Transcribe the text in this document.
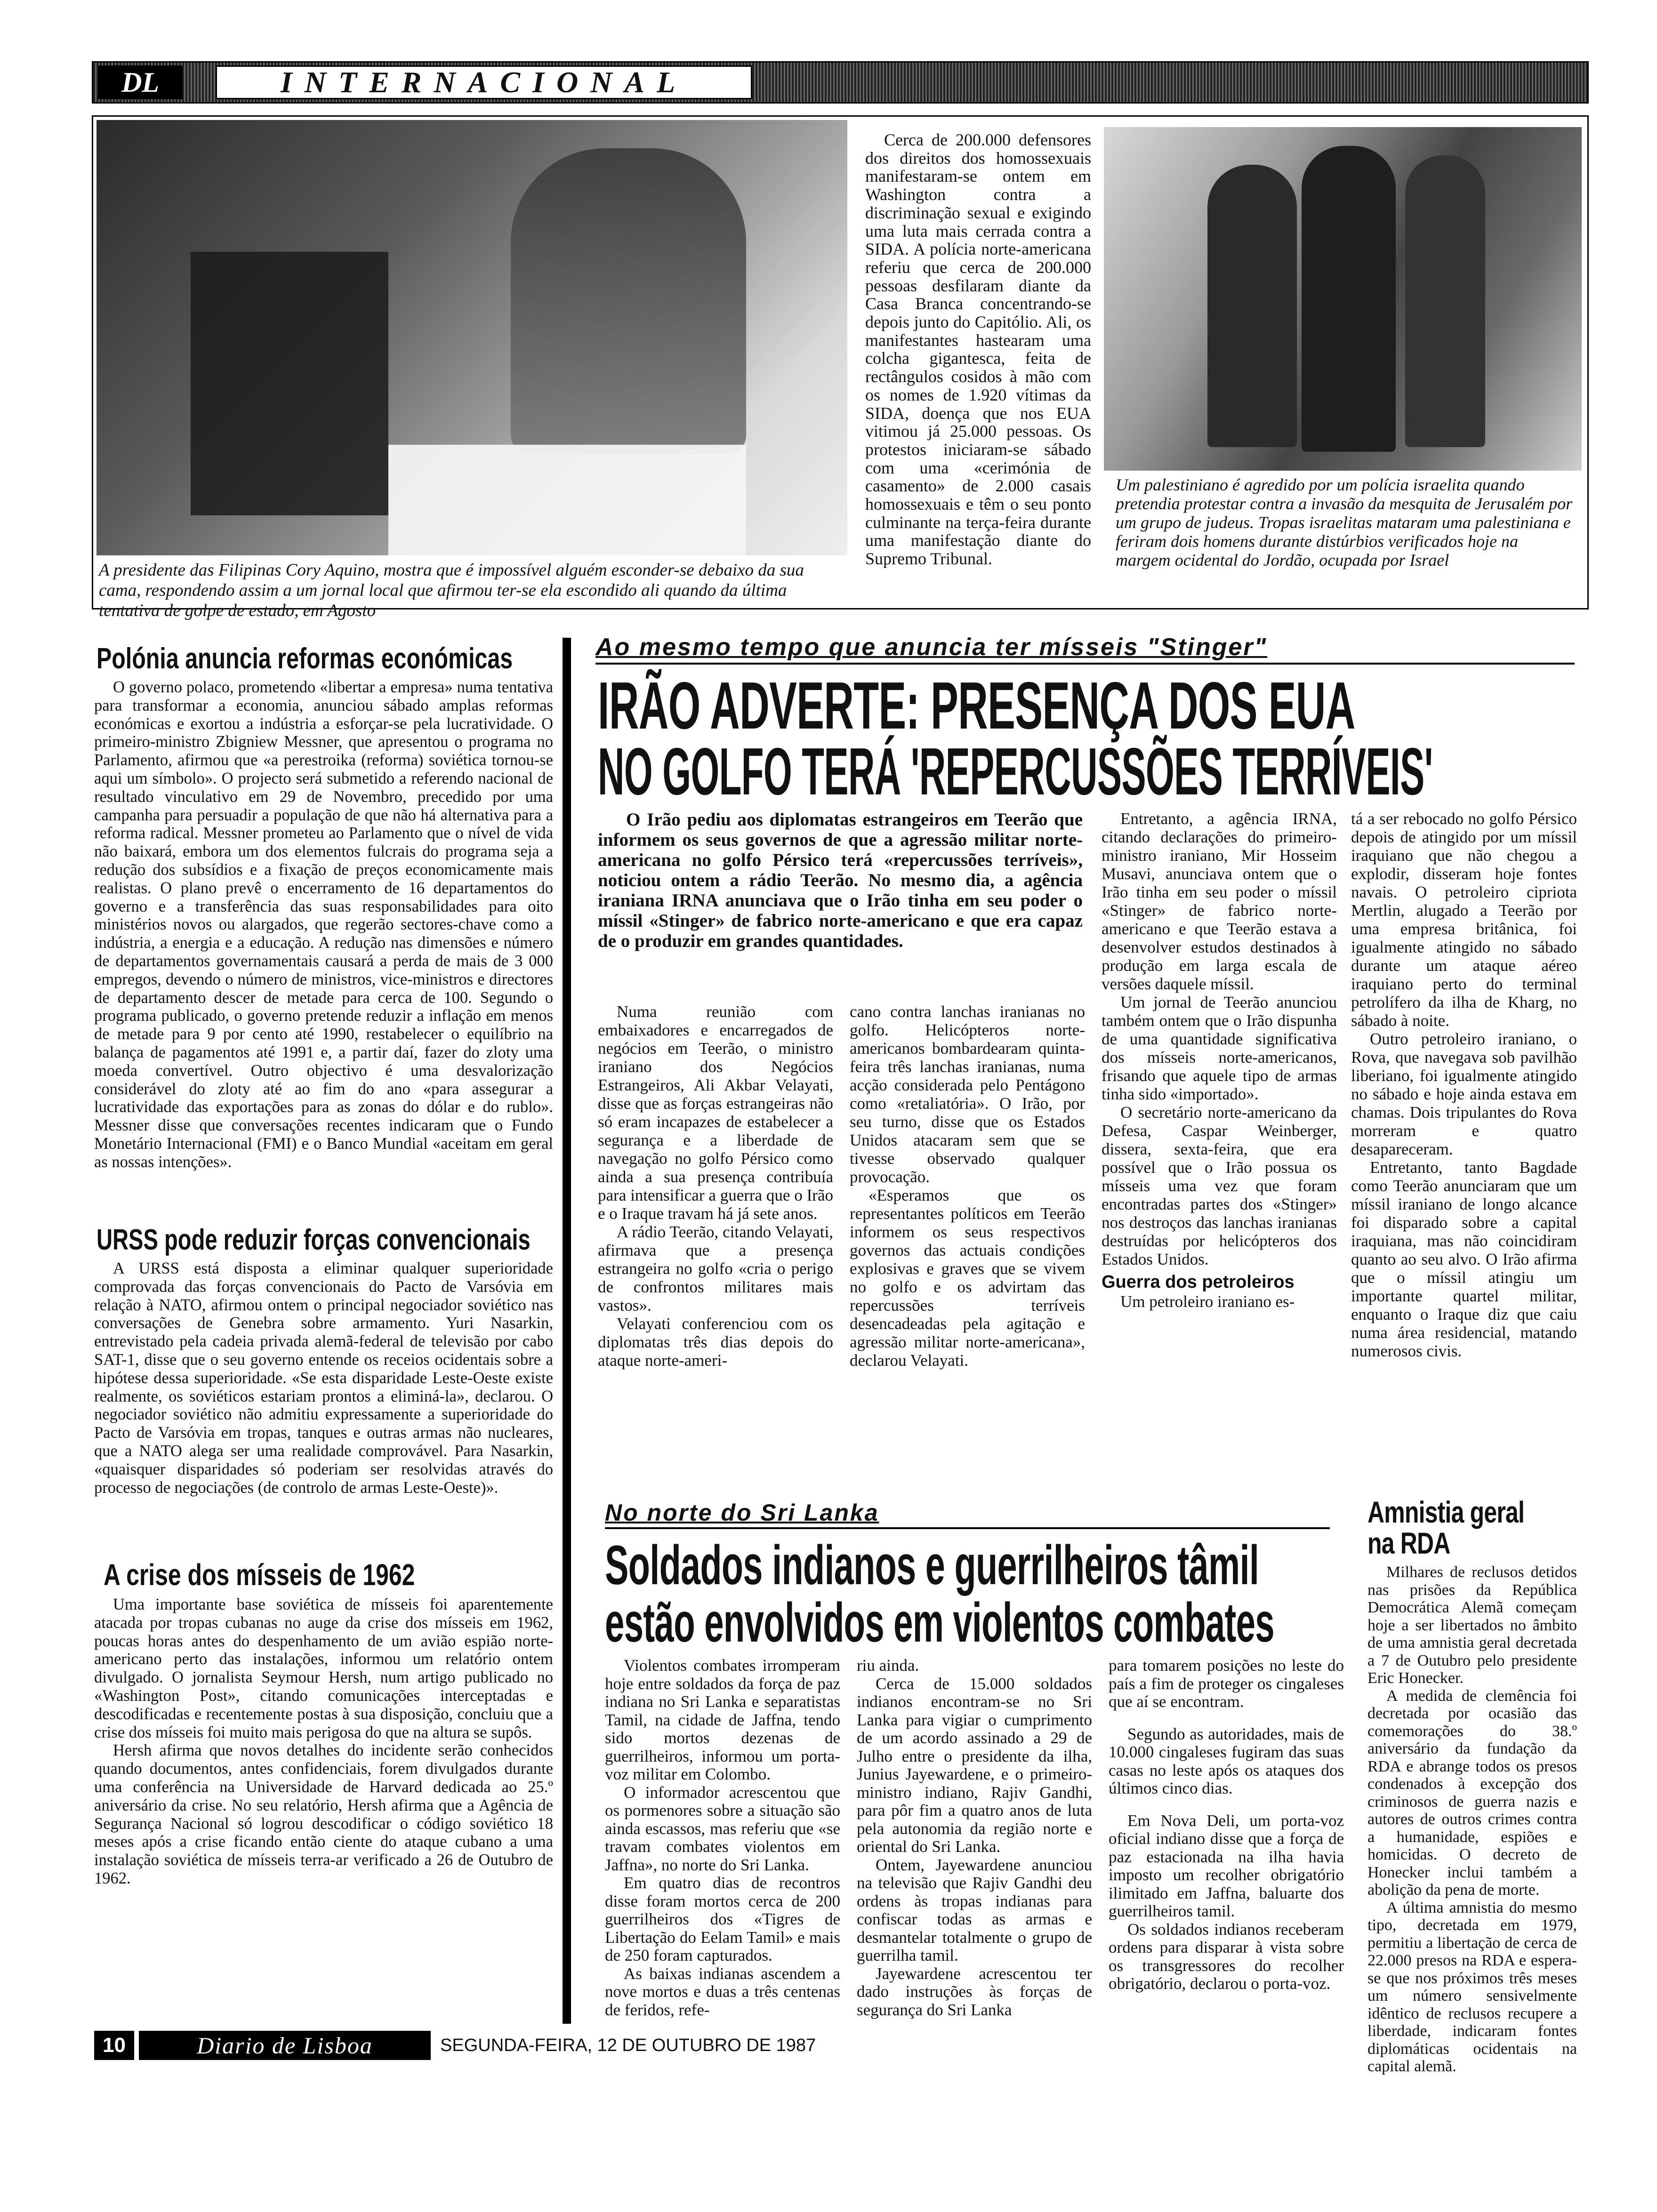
DL	INTERNACIONAL

A presidente das Filipinas Cory Aquino, mostra que é impossível alguém esconder-se debaixo da sua cama, respondendo assim a um jornal local que afirmou ter-se ela escondido ali quando da última tentativa de golpe de estado, em Agosto

Cerca de 200.000 defensores dos direitos dos homossexuais manifestaram-se ontem em Washington contra a discriminação sexual e exigindo uma luta mais cerrada contra a SIDA. A polícia norte-americana referiu que cerca de 200.000 pessoas desfilaram diante da Casa Branca concentrando-se depois junto do Capitólio. Ali, os manifestantes hastearam uma colcha gigantesca, feita de rectângulos cosidos à mão com os nomes de 1.920 vítimas da SIDA, doença que nos EUA vitimou já 25.000 pessoas. Os protestos iniciaram-se sábado com uma «cerimónia de casamento» de 2.000 casais homossexuais e têm o seu ponto culminante na terça-feira durante uma manifestação diante do Supremo Tribunal.

Um palestiniano é agredido por um polícia israelita quando pretendia protestar contra a invasão da mesquita de Jerusalém por um grupo de judeus. Tropas israelitas mataram uma palestiniana e feriram dois homens durante distúrbios verificados hoje na margem ocidental do Jordão, ocupada por Israel

Polónia anuncia reformas económicas

O governo polaco, prometendo «libertar a empresa» numa tentativa para transformar a economia, anunciou sábado amplas reformas económicas e exortou a indústria a esforçar-se pela lucratividade. O primeiro-ministro Zbigniew Messner, que apresentou o programa no Parlamento, afirmou que «a perestroika (reforma) soviética tornou-se aqui um símbolo». O projecto será submetido a referendo nacional de resultado vinculativo em 29 de Novembro, precedido por uma campanha para persuadir a população de que não há alternativa para a reforma radical. Messner prometeu ao Parlamento que o nível de vida não baixará, embora um dos elementos fulcrais do programa seja a redução dos subsídios e a fixação de preços economicamente mais realistas. O plano prevê o encerramento de 16 departamentos do governo e a transferência das suas responsabilidades para oito ministérios novos ou alargados, que regerão sectores-chave como a indústria, a energia e a educação. A redução nas dimensões e número de departamentos governamentais causará a perda de mais de 3 000 empregos, devendo o número de ministros, vice-ministros e directores de departamento descer de metade para cerca de 100. Segundo o programa publicado, o governo pretende reduzir a inflação em menos de metade para 9 por cento até 1990, restabelecer o equilíbrio na balança de pagamentos até 1991 e, a partir daí, fazer do zloty uma moeda convertível. Outro objectivo é uma desvalorização considerável do zloty até ao fim do ano «para assegurar a lucratividade das exportações para as zonas do dólar e do rublo». Messner disse que conversações recentes indicaram que o Fundo Monetário Internacional (FMI) e o Banco Mundial «aceitam em geral as nossas intenções».

URSS pode reduzir forças convencionais

A URSS está disposta a eliminar qualquer superioridade comprovada das forças convencionais do Pacto de Varsóvia em relação à NATO, afirmou ontem o principal negociador soviético nas conversações de Genebra sobre armamento. Yuri Nasarkin, entrevistado pela cadeia privada alemã-federal de televisão por cabo SAT-1, disse que o seu governo entende os receios ocidentais sobre a hipótese dessa superioridade. «Se esta disparidade Leste-Oeste existe realmente, os soviéticos estariam prontos a eliminá-la», declarou. O negociador soviético não admitiu expressamente a superioridade do Pacto de Varsóvia em tropas, tanques e outras armas não nucleares, que a NATO alega ser uma realidade comprovável. Para Nasarkin, «quaisquer disparidades só poderiam ser resolvidas através do processo de negociações (de controlo de armas Leste-Oeste)».

A crise dos mísseis de 1962

Uma importante base soviética de mísseis foi aparentemente atacada por tropas cubanas no auge da crise dos mísseis em 1962, poucas horas antes do despenhamento de um avião espião norte-americano perto das instalações, informou um relatório ontem divulgado. O jornalista Seymour Hersh, num artigo publicado no «Washington Post», citando comunicações interceptadas e descodificadas e recentemente postas à sua disposição, concluiu que a crise dos mísseis foi muito mais perigosa do que na altura se supôs.

Hersh afirma que novos detalhes do incidente serão conhecidos quando documentos, antes confidenciais, forem divulgados durante uma conferência na Universidade de Harvard dedicada ao 25.º aniversário da crise. No seu relatório, Hersh afirma que a Agência de Segurança Nacional só logrou descodificar o código soviético 18 meses após a crise ficando então ciente do ataque cubano a uma instalação soviética de mísseis terra-ar verificado a 26 de Outubro de 1962.

Ao mesmo tempo que anuncia ter mísseis "Stinger"
IRÃO ADVERTE: PRESENÇA DOS EUA
NO GOLFO TERÁ 'REPERCUSSÕES TERRÍVEIS'

O Irão pediu aos diplomatas estrangeiros em Teerão que informem os seus governos de que a agressão militar norte-americana no golfo Pérsico terá «repercussões terríveis», noticiou ontem a rádio Teerão. No mesmo dia, a agência iraniana IRNA anunciava que o Irão tinha em seu poder o míssil «Stinger» de fabrico norte-americano e que era capaz de o produzir em grandes quantidades.

Numa reunião com embaixadores e encarregados de negócios em Teerão, o ministro iraniano dos Negócios Estrangeiros, Ali Akbar Velayati, disse que as forças estrangeiras não só eram incapazes de estabelecer a segurança e a liberdade de navegação no golfo Pérsico como ainda a sua presença contribuía para intensificar a guerra que o Irão e o Iraque travam há já sete anos.

A rádio Teerão, citando Velayati, afirmava que a presença estrangeira no golfo «cria o perigo de confrontos militares mais vastos».

Velayati conferenciou com os diplomatas três dias depois do ataque norte-ameri-

cano contra lanchas iranianas no golfo. Helicópteros norte-americanos bombardearam quinta-feira três lanchas iranianas, numa acção considerada pelo Pentágono como «retaliatória». O Irão, por seu turno, disse que os Estados Unidos atacaram sem que se tivesse observado qualquer provocação.

«Esperamos que os representantes políticos em Teerão informem os seus respectivos governos das actuais condições explosivas e graves que se vivem no golfo e os advirtam das repercussões terríveis desencadeadas pela agitação e agressão militar norte-americana», declarou Velayati.

Entretanto, a agência IRNA, citando declarações do primeiro-ministro iraniano, Mir Hosseim Musavi, anunciava ontem que o Irão tinha em seu poder o míssil «Stinger» de fabrico norte-americano e que Teerão estava a desenvolver estudos destinados à produção em larga escala de versões daquele míssil.

Um jornal de Teerão anunciou também ontem que o Irão dispunha de uma quantidade significativa dos mísseis norte-americanos, frisando que aquele tipo de armas tinha sido «importado».

O secretário norte-americano da Defesa, Caspar Weinberger, dissera, sexta-feira, que era possível que o Irão possua os mísseis uma vez que foram encontradas partes dos «Stinger» nos destroços das lanchas iranianas destruídas por helicópteros dos Estados Unidos.

Guerra dos petroleiros

Um petroleiro iraniano es-

tá a ser rebocado no golfo Pérsico depois de atingido por um míssil iraquiano que não chegou a explodir, disseram hoje fontes navais. O petroleiro cipriota Mertlin, alugado a Teerão por uma empresa britânica, foi igualmente atingido no sábado durante um ataque aéreo iraquiano perto do terminal petrolífero da ilha de Kharg, no sábado à noite.

Outro petroleiro iraniano, o Rova, que navegava sob pavilhão liberiano, foi igualmente atingido no sábado e hoje ainda estava em chamas. Dois tripulantes do Rova morreram e quatro desapareceram.

Entretanto, tanto Bagdade como Teerão anunciaram que um míssil iraniano de longo alcance foi disparado sobre a capital iraquiana, mas não coincidiram quanto ao seu alvo. O Irão afirma que o míssil atingiu um importante quartel militar, enquanto o Iraque diz que caiu numa área residencial, matando numerosos civis.

No norte do Sri Lanka
Soldados indianos e guerrilheiros tâmil
estão envolvidos em violentos combates

Violentos combates irromperam hoje entre soldados da força de paz indiana no Sri Lanka e separatistas Tamil, na cidade de Jaffna, tendo sido mortos dezenas de guerrilheiros, informou um porta-voz militar em Colombo.

O informador acrescentou que os pormenores sobre a situação são ainda escassos, mas referiu que «se travam combates violentos em Jaffna», no norte do Sri Lanka.

Em quatro dias de recontros disse foram mortos cerca de 200 guerrilheiros dos «Tigres de Libertação do Eelam Tamil» e mais de 250 foram capturados.

As baixas indianas ascendem a nove mortos e duas a três centenas de feridos, refe-

riu ainda.

Cerca de 15.000 soldados indianos encontram-se no Sri Lanka para vigiar o cumprimento de um acordo assinado a 29 de Julho entre o presidente da ilha, Junius Jayewardene, e o primeiro-ministro indiano, Rajiv Gandhi, para pôr fim a quatro anos de luta pela autonomia da região norte e oriental do Sri Lanka.

Ontem, Jayewardene anunciou na televisão que Rajiv Gandhi deu ordens às tropas indianas para confiscar todas as armas e desmantelar totalmente o grupo de guerrilha tamil.

Jayewardene acrescentou ter dado instruções às forças de segurança do Sri Lanka

para tomarem posições no leste do país a fim de proteger os cingaleses que aí se encontram.

Segundo as autoridades, mais de 10.000 cingaleses fugiram das suas casas no leste após os ataques dos últimos cinco dias.

Em Nova Deli, um porta-voz oficial indiano disse que a força de paz estacionada na ilha havia imposto um recolher obrigatório ilimitado em Jaffna, baluarte dos guerrilheiros tamil.

Os soldados indianos receberam ordens para disparar à vista sobre os transgressores do recolher obrigatório, declarou o porta-voz.

Amnistia geral
na RDA

Milhares de reclusos detidos nas prisões da República Democrática Alemã começam hoje a ser libertados no âmbito de uma amnistia geral decretada a 7 de Outubro pelo presidente Eric Honecker.

A medida de clemência foi decretada por ocasião das comemorações do 38.º aniversário da fundação da RDA e abrange todos os presos condenados à excepção dos criminosos de guerra nazis e autores de outros crimes contra a humanidade, espiões e homicidas. O decreto de Honecker inclui também a abolição da pena de morte.

A última amnistia do mesmo tipo, decretada em 1979, permitiu a libertação de cerca de 22.000 presos na RDA e espera-se que nos próximos três meses um número sensivelmente idêntico de reclusos recupere a liberdade, indicaram fontes diplomáticas ocidentais na capital alemã.

10	Diario de Lisboa	SEGUNDA-FEIRA, 12 DE OUTUBRO DE 1987
